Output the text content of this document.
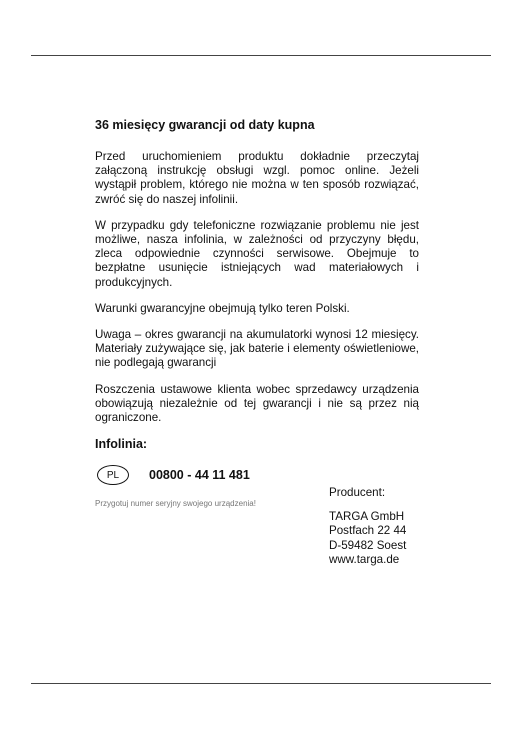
36 miesięcy gwarancji od daty kupna

Przed uruchomieniem produktu dokładnie przeczytaj załączoną instrukcję obsługi wzgl. pomoc online. Jeżeli wystąpił problem, którego nie można w ten sposób rozwiązać, zwróć się do naszej infolinii.

W przypadku gdy telefoniczne rozwiązanie problemu nie jest możliwe, nasza infolinia, w zależności od przyczyny błędu, zleca odpowiednie czynności serwisowe. Obejmuje to bezpłatne usunięcie istniejących wad materiałowych i produkcyjnych.

Warunki gwarancyjne obejmują tylko teren Polski.

Uwaga – okres gwarancji na akumulatorki wynosi 12 miesięcy. Materiały zużywające się, jak baterie i elementy oświetleniowe, nie podlegają gwarancji

Roszczenia ustawowe klienta wobec sprzedawcy urządzenia obowiązują niezależnie od tej gwarancji i nie są przez nią ograniczone.

Infolinia:
PL	00800 - 44 11 481
Przygotuj numer seryjny swojego urządzenia!
Producent:
TARGA GmbH
Postfach 22 44
D-59482 Soest
www.targa.de
